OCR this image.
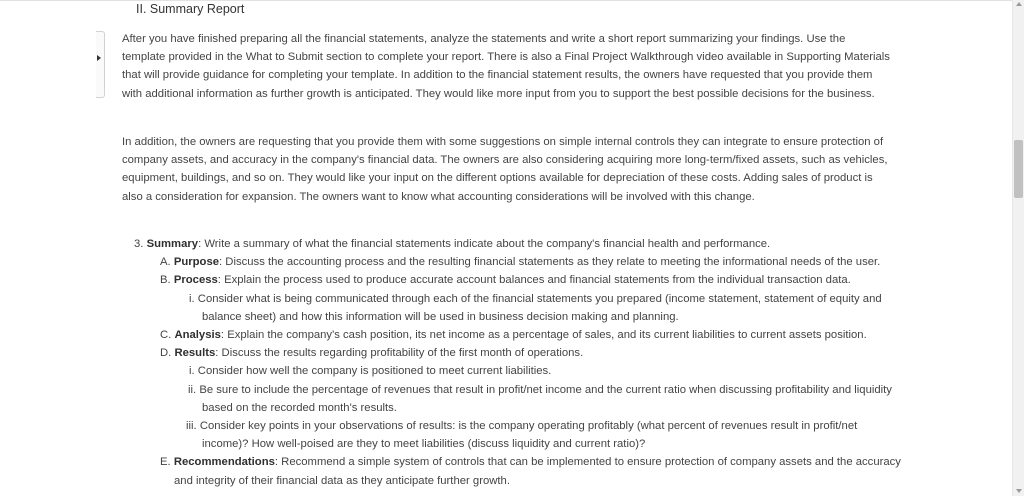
II. Summary Report
After you have finished preparing all the financial statements, analyze the statements and write a short report summarizing your findings. Use the template provided in the What to Submit section to complete your report. There is also a Final Project Walkthrough video available in Supporting Materials that will provide guidance for completing your template. In addition to the financial statement results, the owners have requested that you provide them with additional information as further growth is anticipated. They would like more input from you to support the best possible decisions for the business.
In addition, the owners are requesting that you provide them with some suggestions on simple internal controls they can integrate to ensure protection of company assets, and accuracy in the company's financial data. The owners are also considering acquiring more long-term/fixed assets, such as vehicles, equipment, buildings, and so on. They would like your input on the different options available for depreciation of these costs. Adding sales of product is also a consideration for expansion. The owners want to know what accounting considerations will be involved with this change.
3. Summary: Write a summary of what the financial statements indicate about the company's financial health and performance.
A. Purpose: Discuss the accounting process and the resulting financial statements as they relate to meeting the informational needs of the user.
B. Process: Explain the process used to produce accurate account balances and financial statements from the individual transaction data.
i. Consider what is being communicated through each of the financial statements you prepared (income statement, statement of equity and balance sheet) and how this information will be used in business decision making and planning.
C. Analysis: Explain the company's cash position, its net income as a percentage of sales, and its current liabilities to current assets position.
D. Results: Discuss the results regarding profitability of the first month of operations.
i. Consider how well the company is positioned to meet current liabilities.
ii. Be sure to include the percentage of revenues that result in profit/net income and the current ratio when discussing profitability and liquidity based on the recorded month's results.
iii. Consider key points in your observations of results: is the company operating profitably (what percent of revenues result in profit/net income)? How well-poised are they to meet liabilities (discuss liquidity and current ratio)?
E. Recommendations: Recommend a simple system of controls that can be implemented to ensure protection of company assets and the accuracy and integrity of their financial data as they anticipate further growth.
